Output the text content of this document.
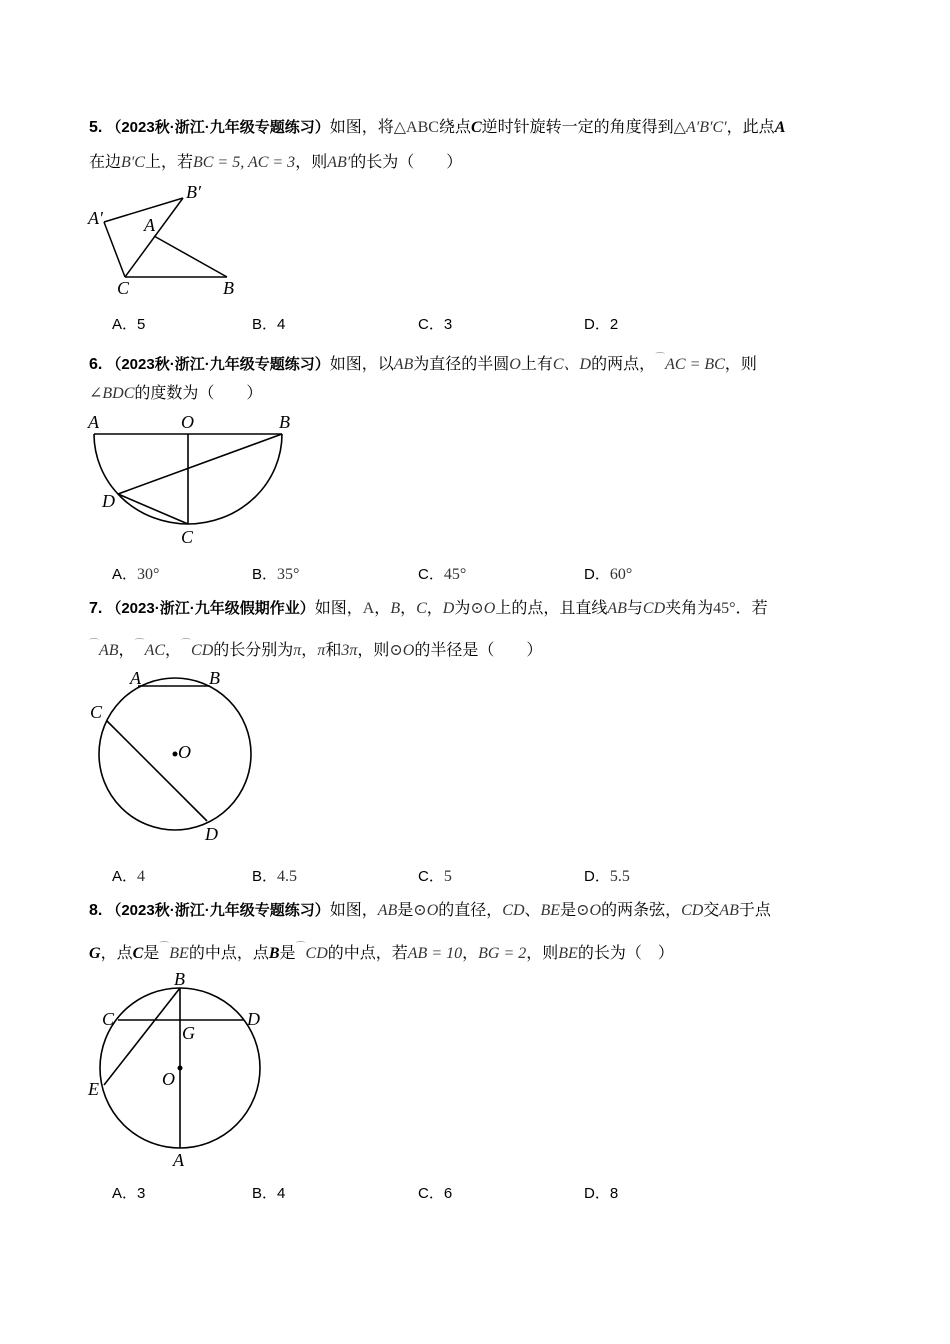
5. （2023秋·浙江·九年级专题练习）如图，将△ABC绕点C逆时针旋转一定的角度得到△A′B′C′，此点A
在边B′C上，若BC = 5, AC = 3，则AB′的长为（　　）
A′
B′
A
C	B
A．5	B．4	C．3	D．2
6. （2023秋·浙江·九年级专题练习）如图，以AB为直径的半圆O上有C、D的两点，⌒AC = BC，则
∠BDC的度数为（　　）
A	O	B
D
C
A．30°	B．35°	C．45°	D．60°
7. （2023·浙江·九年级假期作业）如图，A，B，C，D为⊙O上的点，且直线AB与CD夹角为45°．若
⌒AB，⌒AC，⌒CD的长分别为π，π和3π，则⊙O的半径是（　　）
A	B
C
O
D
A．4	B．4.5	C．5	D．5.5
8. （2023秋·浙江·九年级专题练习）如图，AB是⊙O的直径，CD、BE是⊙O的两条弦，CD交AB于点
G，点C是⌒BE的中点，点B是⌒CD的中点，若AB = 10，BG = 2，则BE的长为（　）
B
C
G
D
O
E
A
A．3	B．4	C．6	D．8
